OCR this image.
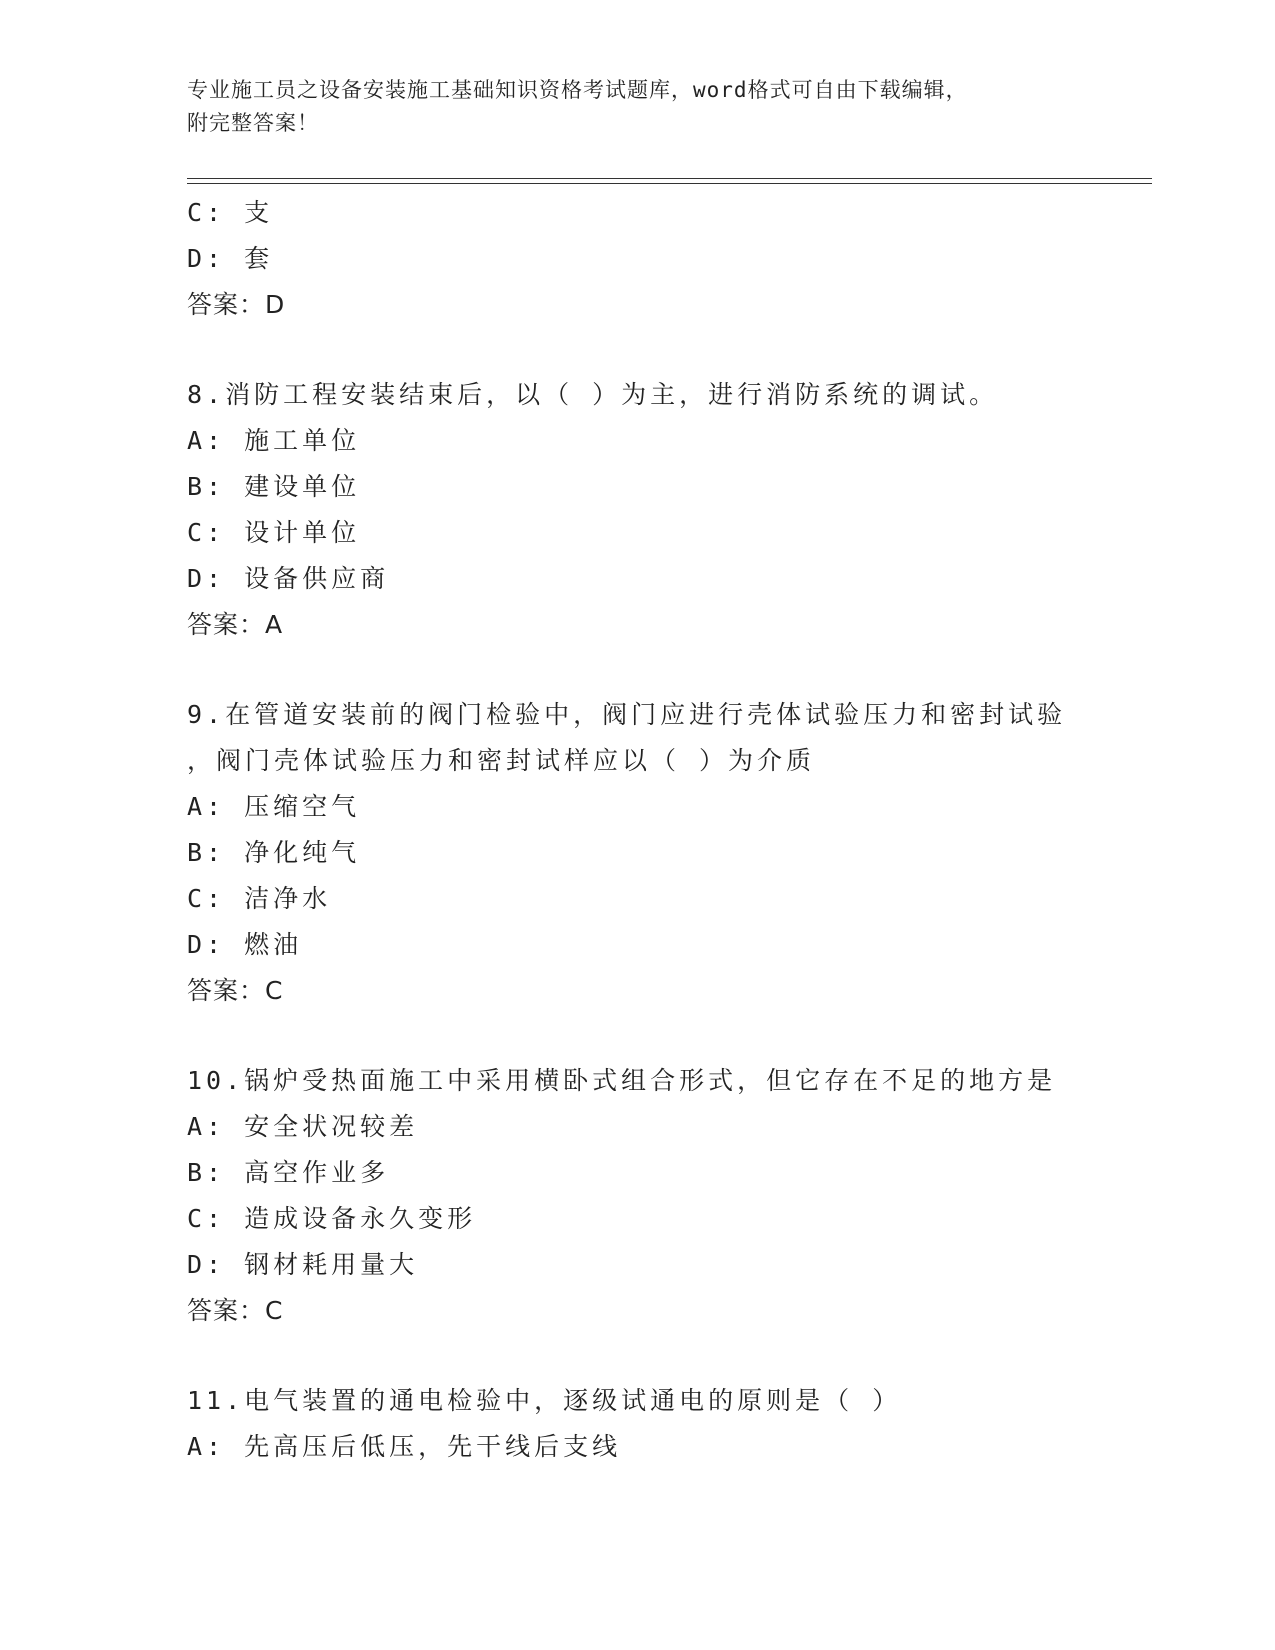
专业施工员之设备安装施工基础知识资格考试题库，word格式可自由下载编辑，
附完整答案！
C: 支
D: 套
答案：D
8.消防工程安装结束后，以（ ）为主，进行消防系统的调试。
A: 施工单位
B: 建设单位
C: 设计单位
D: 设备供应商
答案：A
9.在管道安装前的阀门检验中，阀门应进行壳体试验压力和密封试验
，阀门壳体试验压力和密封试样应以（ ）为介质
A: 压缩空气
B: 净化纯气
C: 洁净水
D: 燃油
答案：C
10.锅炉受热面施工中采用横卧式组合形式，但它存在不足的地方是
A: 安全状况较差
B: 高空作业多
C: 造成设备永久变形
D: 钢材耗用量大
答案：C
11.电气装置的通电检验中，逐级试通电的原则是（ ）
A: 先高压后低压，先干线后支线
